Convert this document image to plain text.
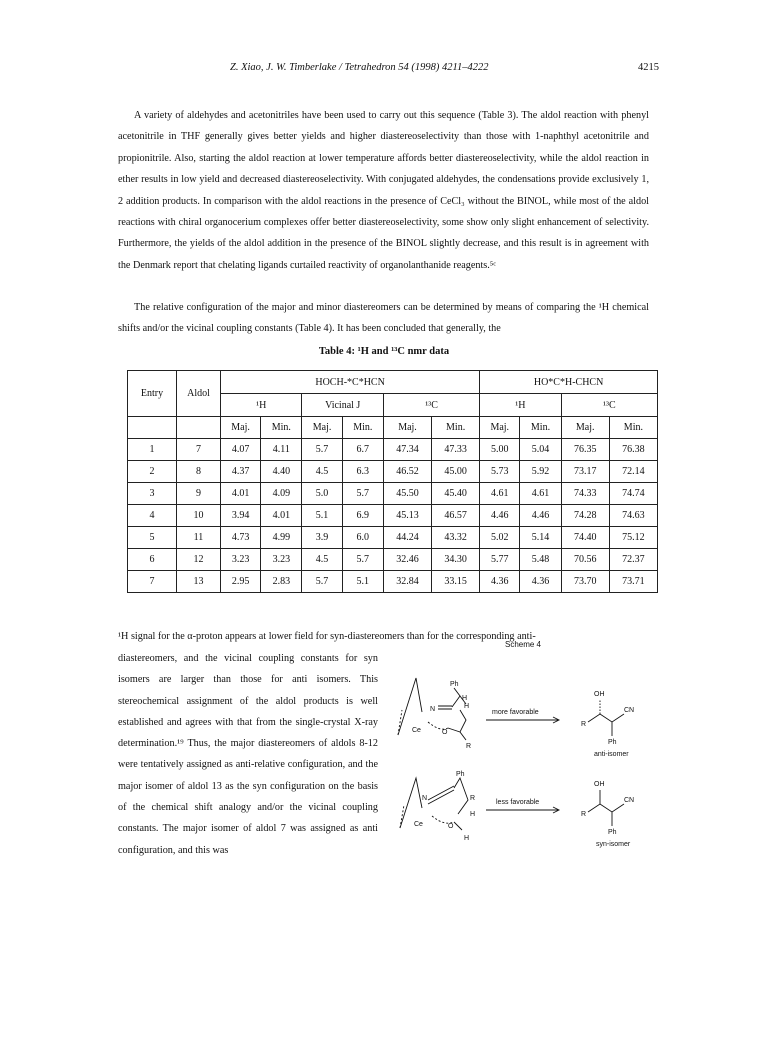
Z. Xiao, J. W. Timberlake / Tetrahedron 54 (1998) 4211–4222	4215
A variety of aldehydes and acetonitriles have been used to carry out this sequence (Table 3). The aldol reaction with phenyl acetonitrile in THF generally gives better yields and higher diastereoselectivity than those with 1-naphthyl acetonitrile and propionitrile. Also, starting the aldol reaction at lower temperature affords better diastereoselectivity, while the aldol reaction in ether results in low yield and decreased diastereoselectivity. With conjugated aldehydes, the condensations provide exclusively 1, 2 addition products. In comparison with the aldol reactions in the presence of CeCl₃ without the BINOL, while most of the aldol reactions with chiral organocerium complexes offer better diastereoselectivity, some show only slight enhancement of selectivity. Furthermore, the yields of the aldol addition in the presence of the BINOL slightly decrease, and this result is in agreement with the Denmark report that chelating ligands curtailed reactivity of organolanthanide reagents.⁵ᶜ
The relative configuration of the major and minor diastereomers can be determined by means of comparing the ¹H chemical shifts and/or the vicinal coupling constants (Table 4). It has been concluded that generally, the
Table 4: ¹H and ¹³C nmr data
Entry	Aldol	HOCH-*C*HCN						HO*C*H-CHCN			
		¹H		Vicinal J		¹³C		¹H		¹³C	
		Maj.	Min.	Maj.	Min.	Maj.	Min.	Maj.	Min.	Maj.	Min.
1	7	4.07	4.11	5.7	6.7	47.34	47.33	5.00	5.04	76.35	76.38
2	8	4.37	4.40	4.5	6.3	46.52	45.00	5.73	5.92	73.17	72.14
3	9	4.01	4.09	5.0	5.7	45.50	45.40	4.61	4.61	74.33	74.74
4	10	3.94	4.01	5.1	6.9	45.13	46.57	4.46	4.46	74.28	74.63
5	11	4.73	4.99	3.9	6.0	44.24	43.32	5.02	5.14	74.40	75.12
6	12	3.23	3.23	4.5	5.7	32.46	34.30	5.77	5.48	70.56	72.37
7	13	2.95	2.83	5.7	5.1	32.84	33.15	4.36	4.36	73.70	73.71
¹H signal for the α-proton appears at lower field for syn-diastereomers than for the corresponding anti-
diastereomers, and the vicinal coupling constants for syn isomers are larger than those for anti isomers. This stereochemical assignment of the aldol products is well established and agrees with that from the single-crystal X-ray determination.¹⁹ Thus, the major diastereomers of aldols 8-12 were tentatively assigned as anti-relative configuration, and the major isomer of aldol 13 as the syn configuration on the basis of the chemical shift analogy and/or the vicinal coupling constants. The major isomer of aldol 7 was assigned as anti configuration, and this was
Scheme 4
Ph
N
H
H
Ce	O
R
Ph
N	R
H
Ce	O
H
more favorable
less favorable
OH
CN
R
Ph
anti-isomer
OH
CN
R
Ph
syn-isomer
